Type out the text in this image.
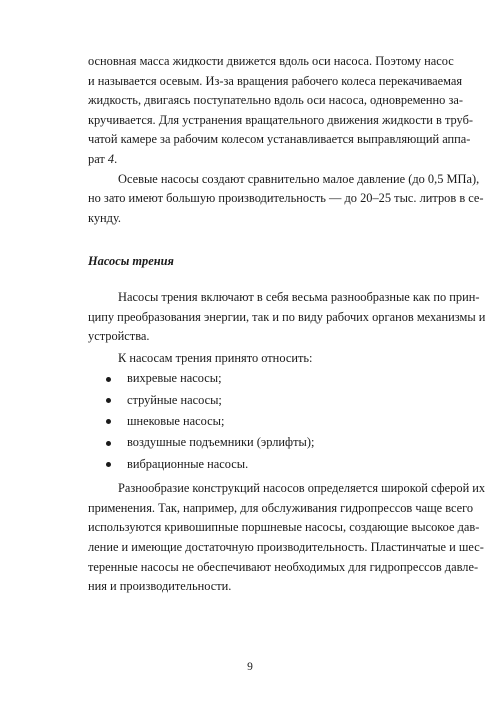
основная масса жидкости движется вдоль оси насоса. Поэтому насос
и называется осевым. Из-за вращения рабочего колеса перекачиваемая
жидкость, двигаясь поступательно вдоль оси насоса, одновременно за-
кручивается. Для устранения вращательного движения жидкости в труб-
чатой камере за рабочим колесом устанавливается выправляющий аппа-
рат 4.
Осевые насосы создают сравнительно малое давление (до 0,5 МПа),
но зато имеют большую производительность — до 20–25 тыс. литров в се-
кунду.
Насосы трения
Насосы трения включают в себя весьма разнообразные как по прин-
ципу преобразования энергии, так и по виду рабочих органов механизмы и
устройства.
К насосам трения принято относить:
вихревые насосы;
струйные насосы;
шнековые насосы;
воздушные подъемники (эрлифты);
вибрационные насосы.
Разнообразие конструкций насосов определяется широкой сферой их
применения. Так, например, для обслуживания гидропрессов чаще всего
используются кривошипные поршневые насосы, создающие высокое дав-
ление и имеющие достаточную производительность. Пластинчатые и шес-
теренные насосы не обеспечивают необходимых для гидропрессов давле-
ния и производительности.
9
